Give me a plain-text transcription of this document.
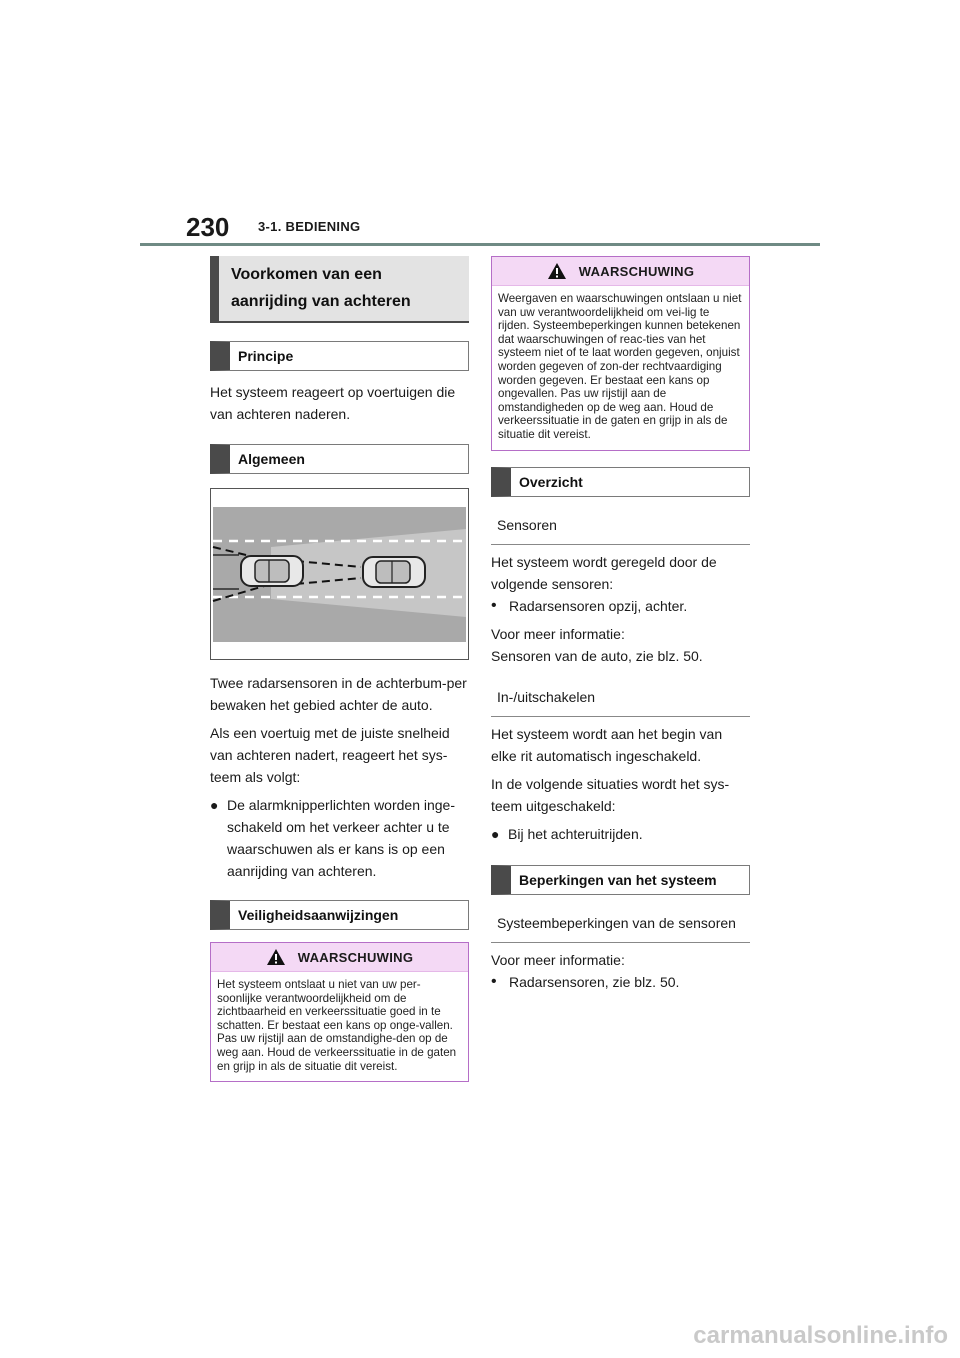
230 3-1. BEDIENING
Voorkomen van een aanrijding van achteren
Principe

Het systeem reageert op voertuigen die van achteren naderen.

Algemeen

Twee radarsensoren in de achterbum-per bewaken het gebied achter de auto.

Als een voertuig met de juiste snelheid van achteren nadert, reageert het sys-teem als volgt:

● De alarmknipperlichten worden inge-schakeld om het verkeer achter u te waarschuwen als er kans is op een aanrijding van achteren.
Veiligheidsaanwijzingen
WAARSCHUWING
Het systeem ontslaat u niet van uw per-soonlijke verantwoordelijkheid om de zichtbaarheid en verkeerssituatie goed in te schatten. Er bestaat een kans op onge-vallen. Pas uw rijstijl aan de omstandighe-den op de weg aan. Houd de verkeerssituatie in de gaten en grijp in als de situatie dit vereist.
WAARSCHUWING
Weergaven en waarschuwingen ontslaan u niet van uw verantwoordelijkheid om vei-lig te rijden. Systeembeperkingen kunnen betekenen dat waarschuwingen of reac-ties van het systeem niet of te laat worden gegeven, onjuist worden gegeven of zon-der rechtvaardiging worden gegeven. Er bestaat een kans op ongevallen. Pas uw rijstijl aan de omstandigheden op de weg aan. Houd de verkeerssituatie in de gaten en grijp in als de situatie dit vereist.
Overzicht
Sensoren

Het systeem wordt geregeld door de volgende sensoren:

• Radarsensoren opzij, achter.

Voor meer informatie:

Sensoren van de auto, zie blz. 50.

In-/uitschakelen

Het systeem wordt aan het begin van elke rit automatisch ingeschakeld.

In de volgende situaties wordt het sys-teem uitgeschakeld:

● Bij het achteruitrijden.
Beperkingen van het systeem
Systeembeperkingen van de sensoren

Voor meer informatie:

• Radarsensoren, zie blz. 50.
carmanualsonline.info
